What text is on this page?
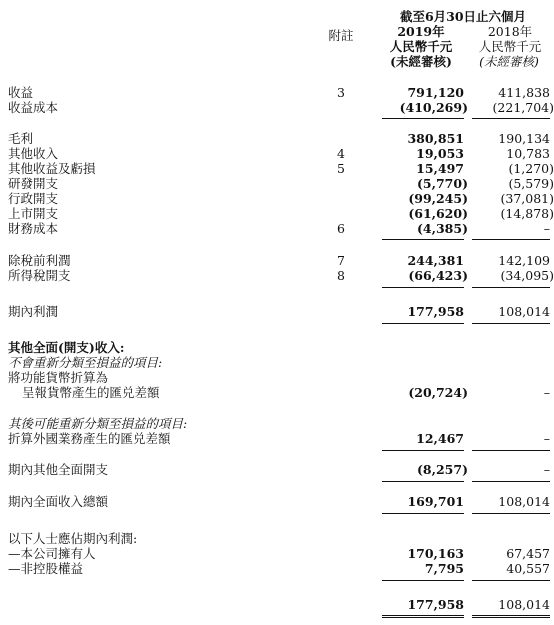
截至6月30日止六個月
2019年	2018年
附註
人民幣千元	人民幣千元
(未經審核)	(未經審核)
收益	3	791,120	411,838
收益成本	(410,269)	(221,704)
毛利	380,851	190,134
其他收入	4	19,053	10,783
其他收益及虧損	5	15,497	(1,270)
研發開支	(5,770)	(5,579)
行政開支	(99,245)	(37,081)
上市開支	(61,620)	(14,878)
財務成本	6	(4,385)	–
除稅前利潤	7	244,381	142,109
所得稅開支	8	(66,423)	(34,095)
期內利潤	177,958	108,014
其他全面(開支)收入:
不會重新分類至損益的項目:
將功能貨幣折算為
呈報貨幣產生的匯兑差額	(20,724)	–
其後可能重新分類至損益的項目:
折算外國業務產生的匯兑差額	12,467	–
期內其他全面開支	(8,257)	–
期內全面收入總額	169,701	108,014
以下人士應佔期內利潤:
—本公司擁有人	170,163	67,457
—非控股權益	7,795	40,557
177,958	108,014
